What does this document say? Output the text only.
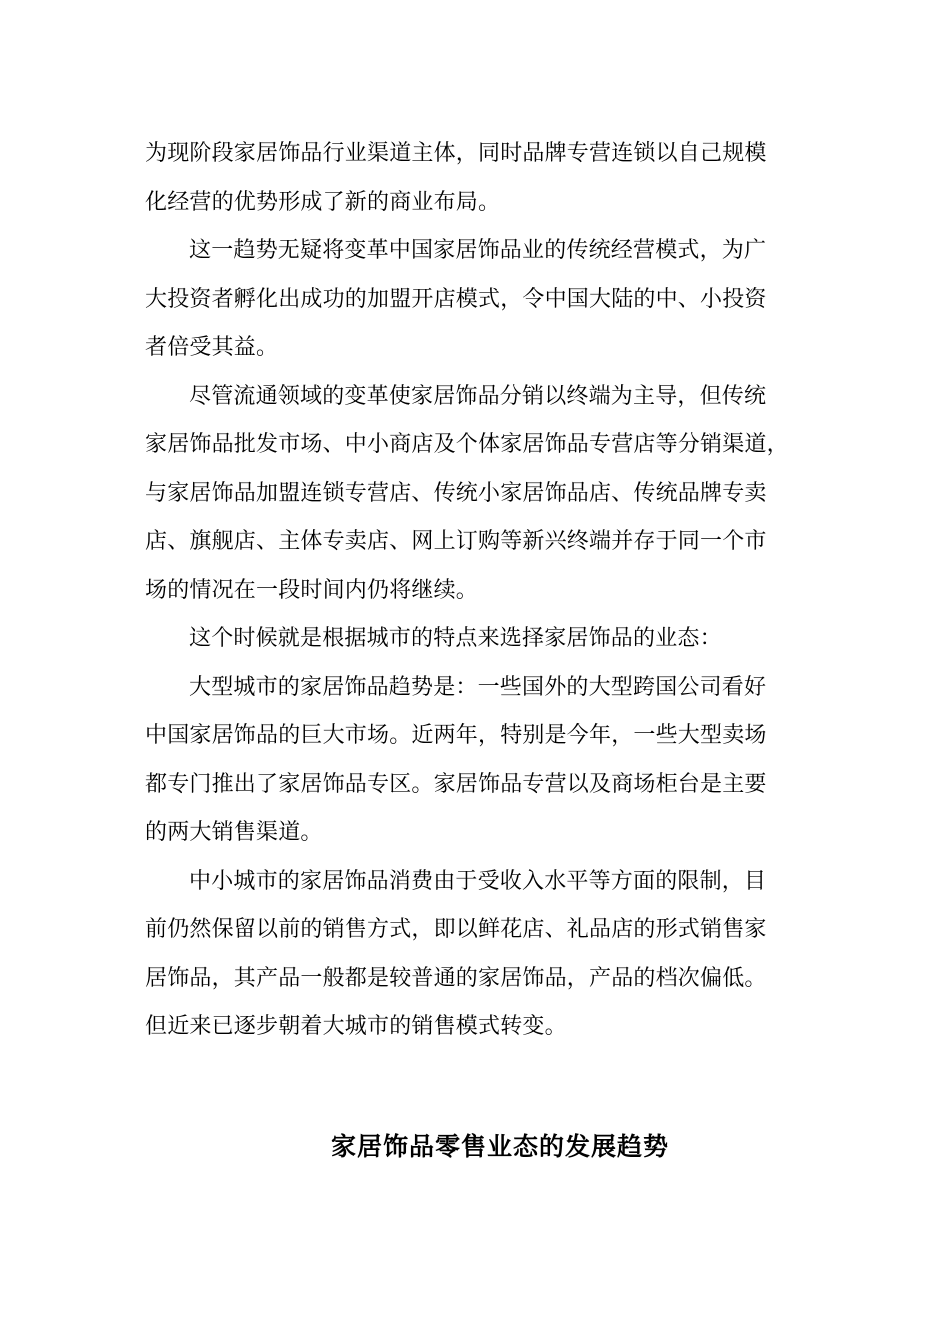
为现阶段家居饰品行业渠道主体，同时品牌专营连锁以自己规模
化经营的优势形成了新的商业布局。
这一趋势无疑将变革中国家居饰品业的传统经营模式，为广
大投资者孵化出成功的加盟开店模式，令中国大陆的中、小投资
者倍受其益。
尽管流通领域的变革使家居饰品分销以终端为主导，但传统
家居饰品批发市场、中小商店及个体家居饰品专营店等分销渠道，
与家居饰品加盟连锁专营店、传统小家居饰品店、传统品牌专卖
店、旗舰店、主体专卖店、网上订购等新兴终端并存于同一个市
场的情况在一段时间内仍将继续。
这个时候就是根据城市的特点来选择家居饰品的业态：
大型城市的家居饰品趋势是：一些国外的大型跨国公司看好
中国家居饰品的巨大市场。近两年，特别是今年，一些大型卖场
都专门推出了家居饰品专区。家居饰品专营以及商场柜台是主要
的两大销售渠道。
中小城市的家居饰品消费由于受收入水平等方面的限制，目
前仍然保留以前的销售方式，即以鲜花店、礼品店的形式销售家
居饰品，其产品一般都是较普通的家居饰品，产品的档次偏低。
但近来已逐步朝着大城市的销售模式转变。
家居饰品零售业态的发展趋势
